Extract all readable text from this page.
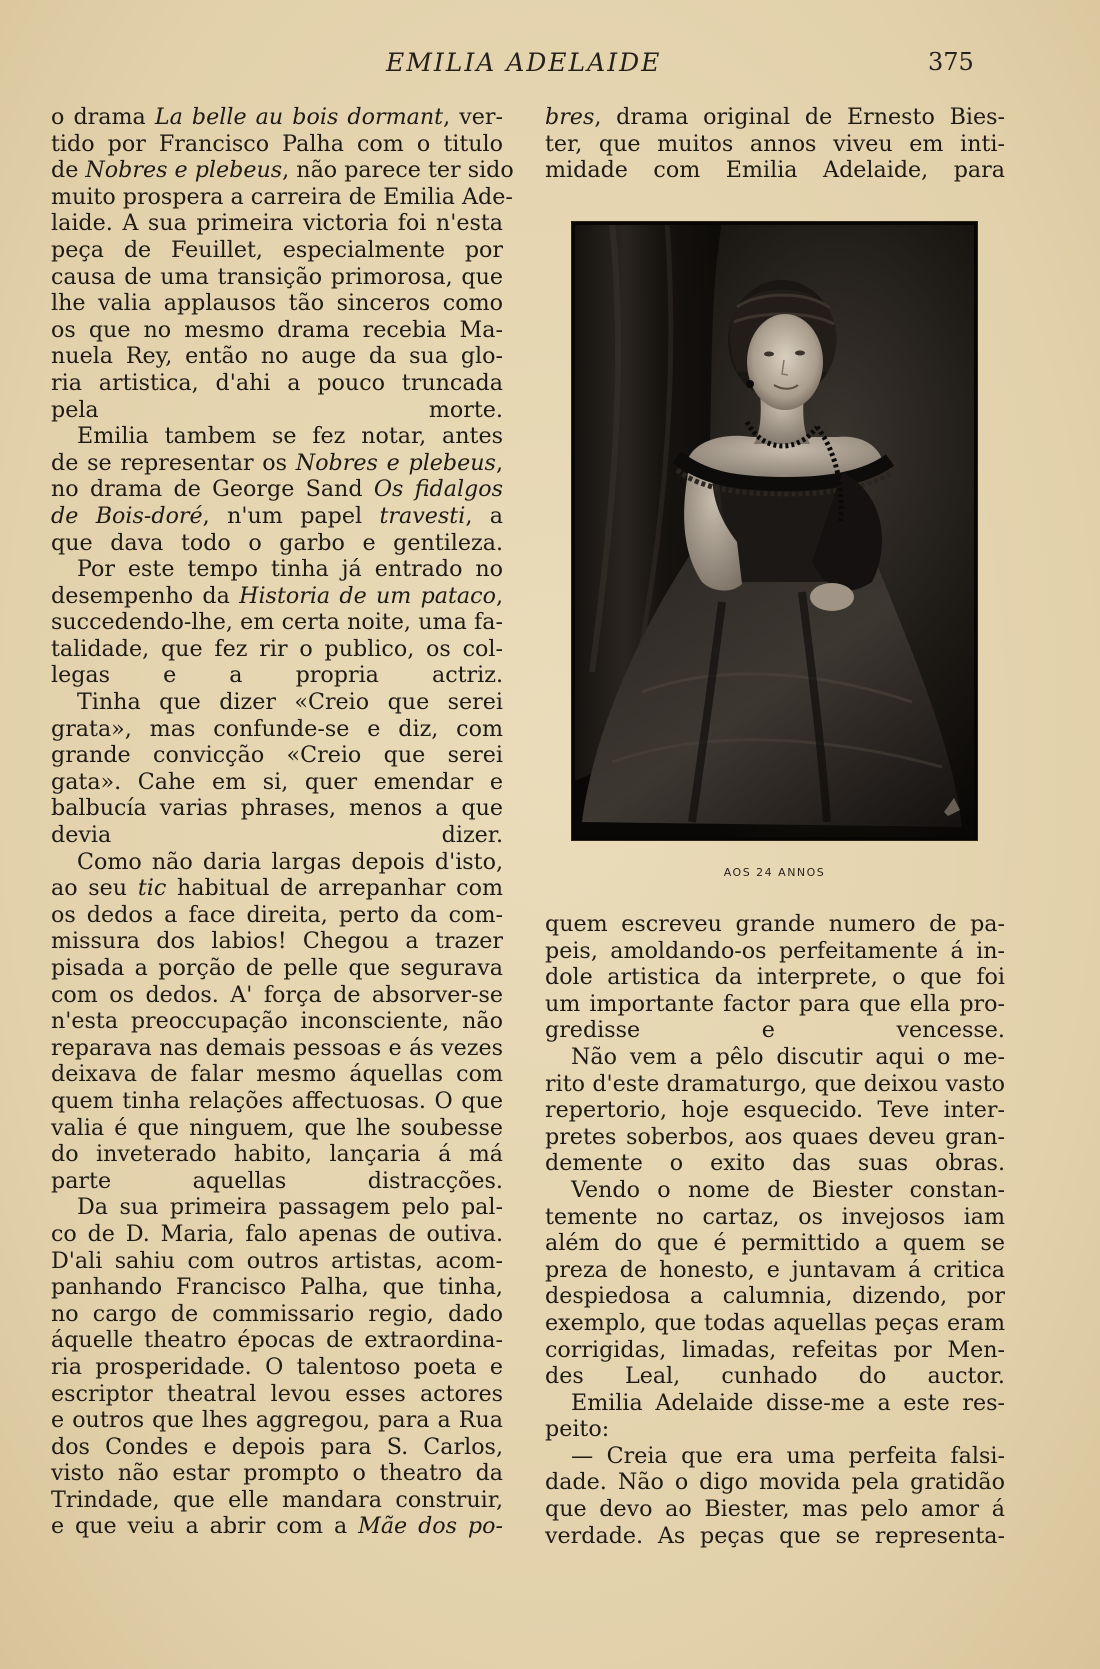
EMILIA ADELAIDE	375
o drama La belle au bois dormant, ver-
tido por Francisco Palha com o titulo
de Nobres e plebeus, não parece ter sido
muito prospera a carreira de Emilia Ade-
laide. A sua primeira victoria foi n'esta
peça de Feuillet, especialmente por
causa de uma transição primorosa, que
lhe valia applausos tão sinceros como
os que no mesmo drama recebia Ma-
nuela Rey, então no auge da sua glo-
ria artistica, d'ahi a pouco truncada
pela morte.
Emilia tambem se fez notar, antes
de se representar os Nobres e plebeus,
no drama de George Sand Os fidalgos
de Bois-doré, n'um papel travesti, a
que dava todo o garbo e gentileza.
Por este tempo tinha já entrado no
desempenho da Historia de um pataco,
succedendo-lhe, em certa noite, uma fa-
talidade, que fez rir o publico, os col-
legas e a propria actriz.
Tinha que dizer «Creio que serei
grata», mas confunde-se e diz, com
grande convicção «Creio que serei
gata». Cahe em si, quer emendar e
balbucía varias phrases, menos a que
devia dizer.
Como não daria largas depois d'isto,
ao seu tic habitual de arrepanhar com
os dedos a face direita, perto da com-
missura dos labios! Chegou a trazer
pisada a porção de pelle que segurava
com os dedos. A' força de absorver-se
n'esta preoccupação inconsciente, não
reparava nas demais pessoas e ás vezes
deixava de falar mesmo áquellas com
quem tinha relações affectuosas. O que
valia é que ninguem, que lhe soubesse
do inveterado habito, lançaria á má
parte aquellas distracções.
Da sua primeira passagem pelo pal-
co de D. Maria, falo apenas de outiva.
D'ali sahiu com outros artistas, acom-
panhando Francisco Palha, que tinha,
no cargo de commissario regio, dado
áquelle theatro épocas de extraordina-
ria prosperidade. O talentoso poeta e
escriptor theatral levou esses actores
e outros que lhes aggregou, para a Rua
dos Condes e depois para S. Carlos,
visto não estar prompto o theatro da
Trindade, que elle mandara construir,
e que veiu a abrir com a Mãe dos po-
bres, drama original de Ernesto Bies-
ter, que muitos annos viveu em inti-
midade com Emilia Adelaide, para
AOS 24 ANNOS
quem escreveu grande numero de pa-
peis, amoldando-os perfeitamente á in-
dole artistica da interprete, o que foi
um importante factor para que ella pro-
gredisse e vencesse.
Não vem a pêlo discutir aqui o me-
rito d'este dramaturgo, que deixou vasto
repertorio, hoje esquecido. Teve inter-
pretes soberbos, aos quaes deveu gran-
demente o exito das suas obras.
Vendo o nome de Biester constan-
temente no cartaz, os invejosos iam
além do que é permittido a quem se
preza de honesto, e juntavam á critica
despiedosa a calumnia, dizendo, por
exemplo, que todas aquellas peças eram
corrigidas, limadas, refeitas por Men-
des Leal, cunhado do auctor.
Emilia Adelaide disse-me a este res-
peito:
— Creia que era uma perfeita falsi-
dade. Não o digo movida pela gratidão
que devo ao Biester, mas pelo amor á
verdade. As peças que se representa-
